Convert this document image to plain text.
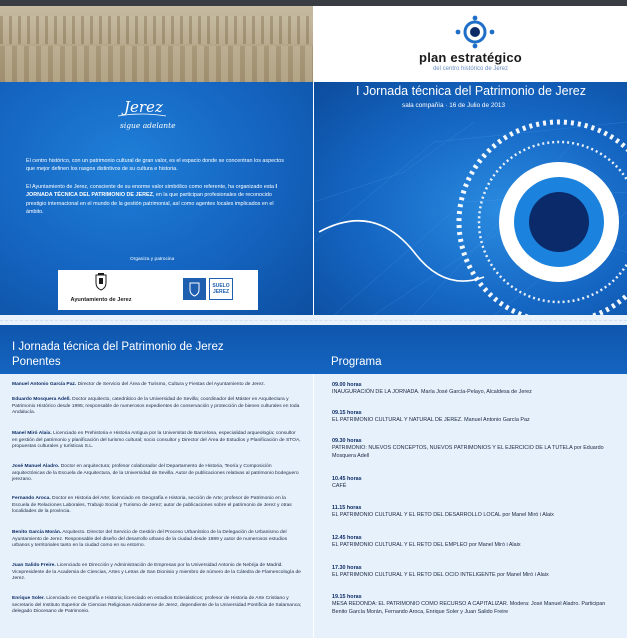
plan estratégico
del centro histórico de Jerez
Jerez
sigue adelante
El centro histórico, con un patrimonio cultural de gran valor, es el espacio donde se concentran los aspectos que mejor definen los rasgos distintivos de su cultura e historia.
El Ayuntamiento de Jerez, consciente de su enorme valor simbólico como referente, ha organizado esta I JORNADA TÉCNICA DEL PATRIMONIO DE JEREZ, en la que participan profesionales de reconocido prestigio internacional en el mundo de la gestión patrimonial, así como agentes locales implicados en el ámbito.
Organiza y patrocina
Ayuntamiento de Jerez
SUELO
JEREZ
I Jornada técnica del Patrimonio de Jerez
sala compañía · 16 de Julio de 2013
I Jornada técnica del Patrimonio de Jerez
Ponentes	Programa
Manuel Antonio García Paz. Director de Servicio del Área de Turismo, Cultura y Fiestas del Ayuntamiento de Jerez.
Eduardo Mosquera Adell. Doctor arquitecto, catedrático de la Universidad de Sevilla; coordinador del Máster en Arquitectura y Patrimonio Histórico desde 1995; responsable de numerosos expedientes de conservación y protección de bienes culturales en toda Andalucía.
Manel Miró Alaix. Licenciado en Prehistoria e Historia Antigua por la Universitat de Barcelona, especialidad arqueología; consultor en gestión del patrimonio y planificación del turismo cultural; socio consultor y Director del Área de Estudios y Planificación de STOA, propuestas culturales y turísticas S.L.
José Manuel Aladro. Doctor en arquitectura; profesor colaborador del Departamento de Historia, Teoría y Composición arquitectónicas de la Escuela de Arquitectura, de la Universidad de Sevilla. Autor de publicaciones relativas al patrimonio bodeguero jerezano.
Fernando Aroca. Doctor en Historia del Arte; licenciado en Geografía e Historia, sección de Arte; profesor de Patrimonio en la Escuela de Relaciones Laborales, Trabajo Social y Turismo de Jerez; autor de publicaciones sobre el patrimonio de Jerez y otras localidades de la provincia.
Benito García Morán. Arquitecto. Director del Servicio de Gestión del Proceso Urbanístico de la Delegación de Urbanismo del Ayuntamiento de Jerez. Responsable del diseño del desarrollo urbano de la ciudad desde 1989 y autor de numerosos estudios urbanos y territoriales tanto en la ciudad como en su entorno.
Juan Salido Freire. Licenciado en Dirección y Administración de Empresas por la Universidad Antonio de Nebrija de Madrid. Vicepresidente de la Academia de Ciencias, Artes y Letras de San Dionisio y miembro de número de la Cátedra de Flamencología de Jerez.
Enrique Soler. Licenciado en Geografía e Historia; licenciado en estudios Eclesiásticos; profesor de Historia de Arte Cristiano y secretario del Instituto Superior de Ciencias Religiosas Asidonense de Jerez, dependiente de la Universidad Pontificia de Salamanca; delegado Diocesano de Patrimonio.
09.00 horas
INAUGURACIÓN DE LA JORNADA. María José García-Pelayo, Alcaldesa de Jerez
09.15 horas
EL PATRIMONIO CULTURAL Y NATURAL DE JEREZ. Manuel Antonio García Paz
09.30 horas
PATRIMONIO: NUEVOS CONCEPTOS, NUEVOS PATRIMONIOS Y EL EJERCICIO DE LA TUTELA por Eduardo Mosquera Adell
10.45 horas
CAFÉ
11.15 horas
EL PATRIMONIO CULTURAL Y EL RETO DEL DESARROLLO LOCAL por Manel Miró i Alaix
12.45 horas
EL PATRIMONIO CULTURAL Y EL RETO DEL EMPLEO por Manel Miró i Alaix
17.30 horas
EL PATRIMONIO CULTURAL Y EL RETO DEL OCIO INTELIGENTE por Manel Miró i Alaix
19.15 horas
MESA REDONDA: EL PATRIMONIO COMO RECURSO A CAPITALIZAR. Modera: José Manuel Aladro. Participan Benito García Morán, Fernando Aroca, Enrique Soler y Juan Salido Freire
